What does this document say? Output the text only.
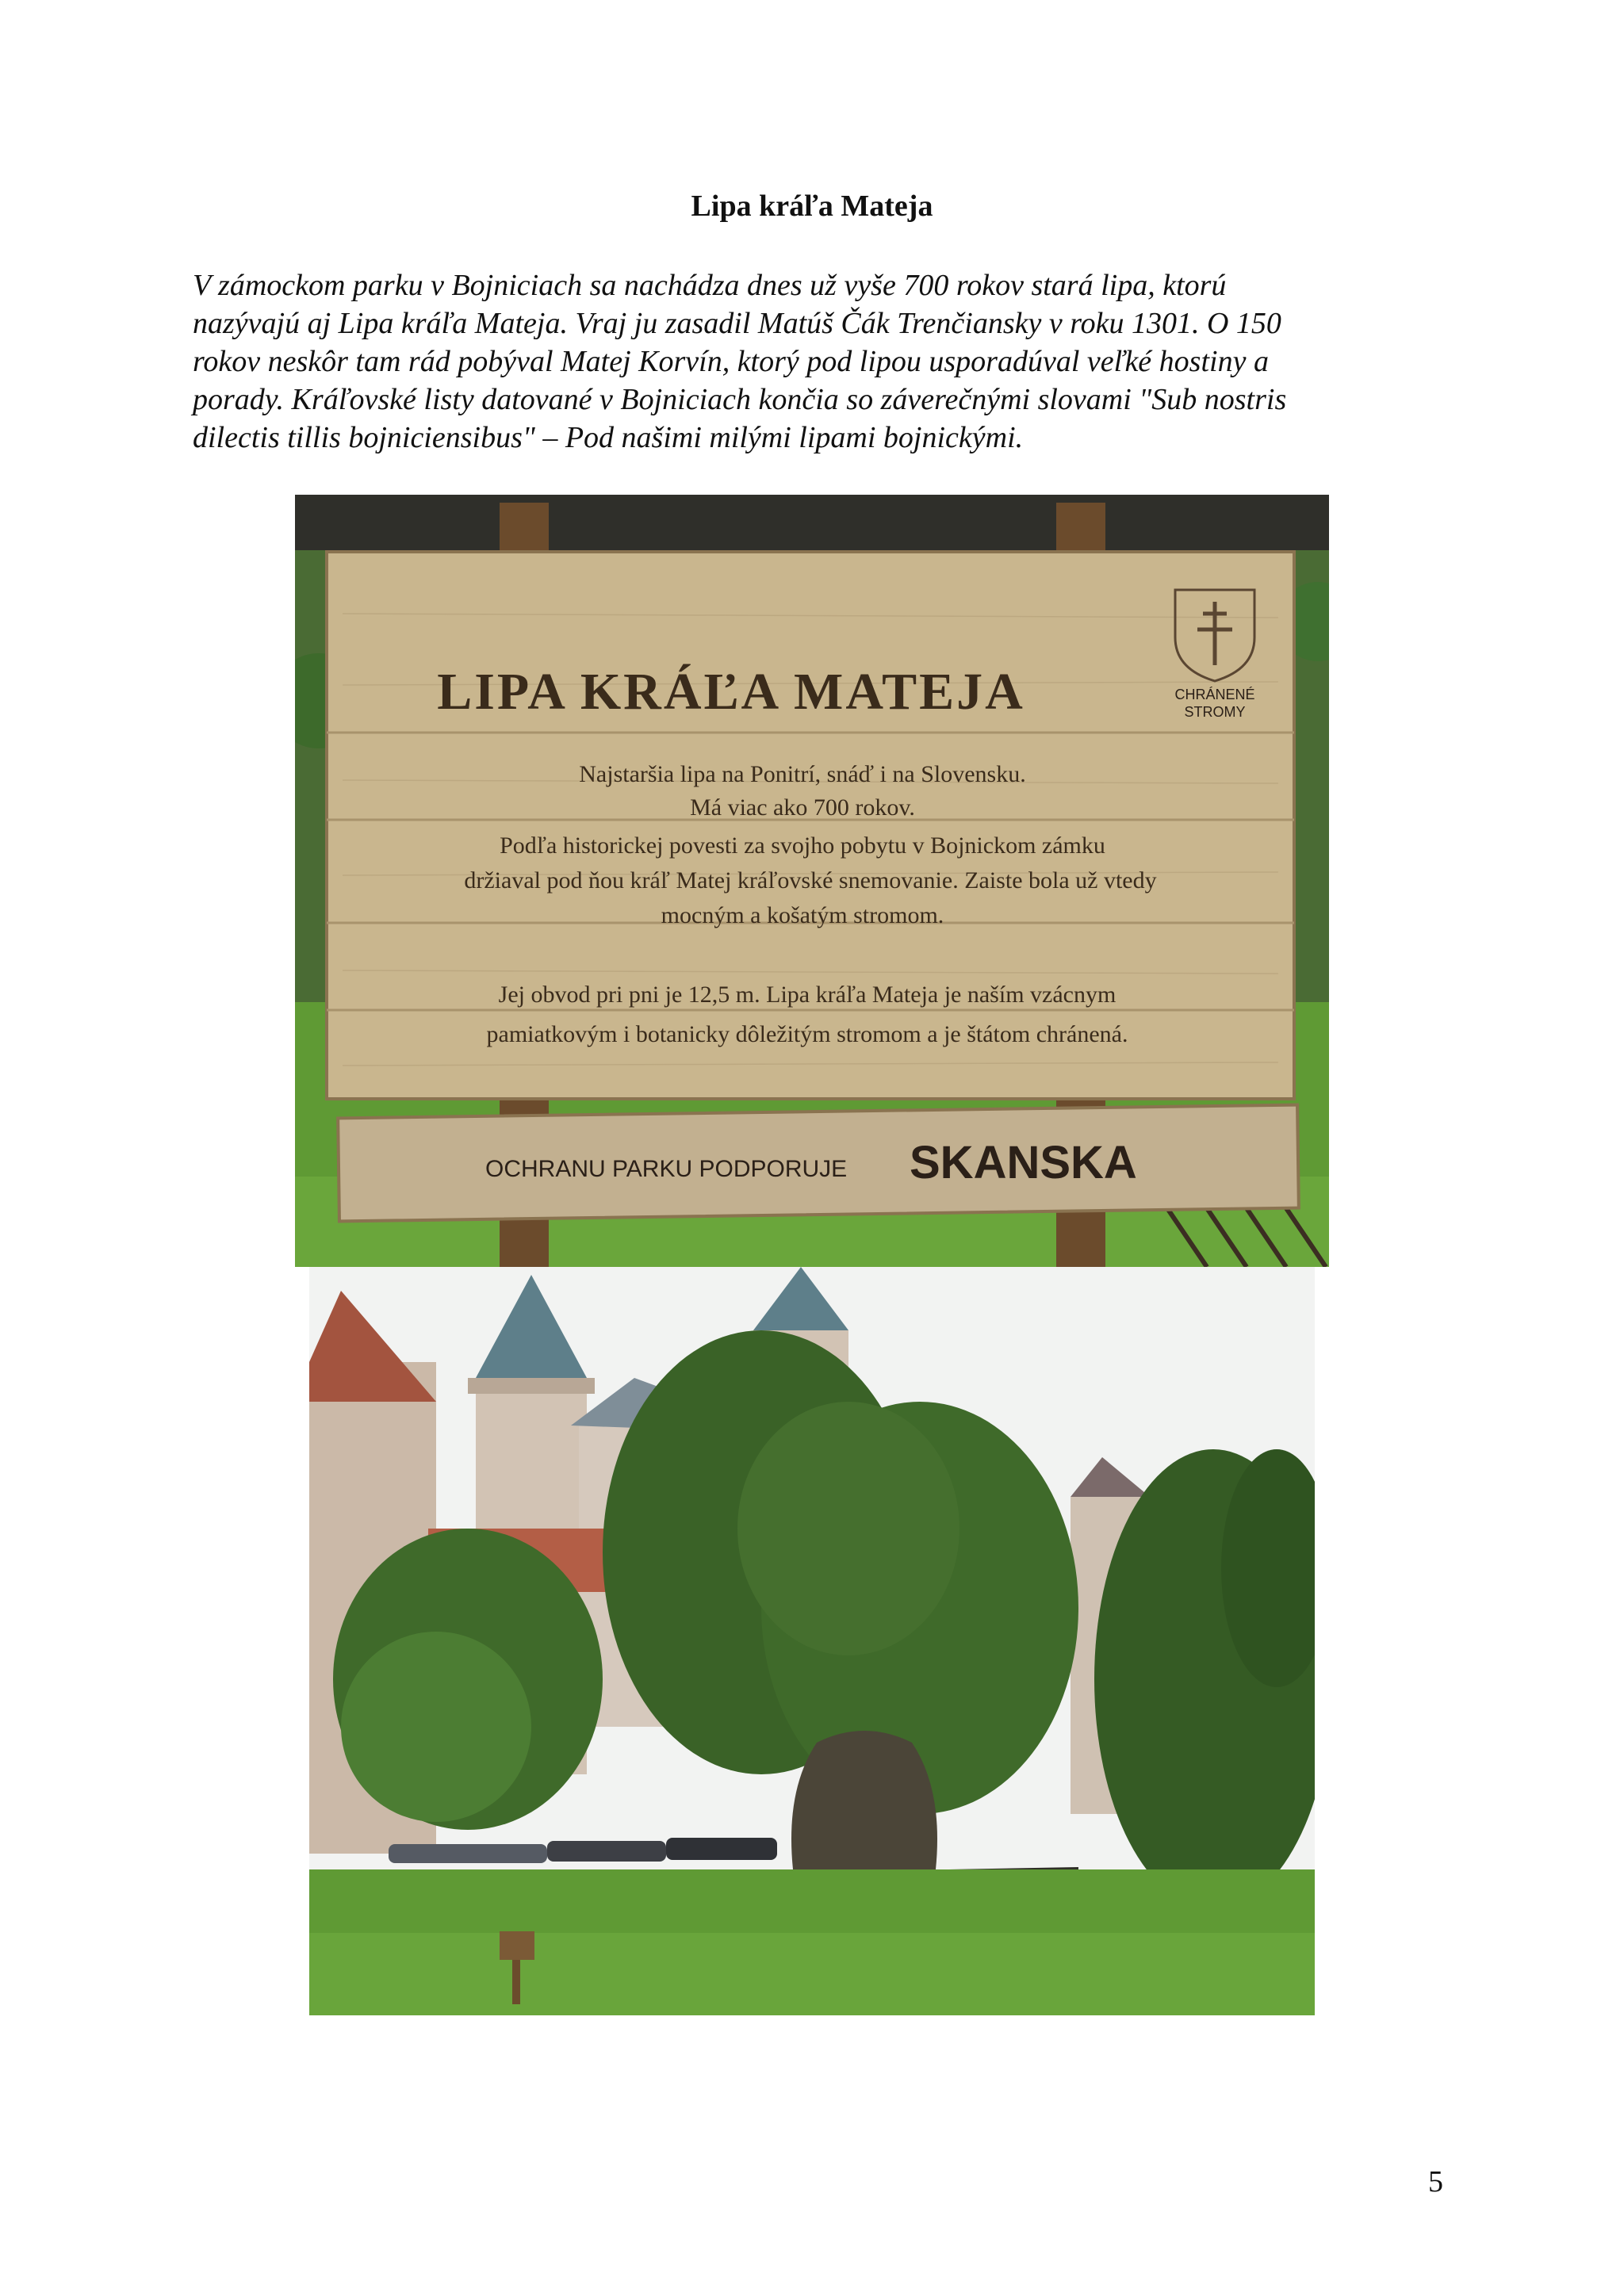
Lipa kráľa Mateja
V zámockom parku v Bojniciach sa nachádza dnes už vyše 700 rokov stará lipa, ktorú
nazývajú aj Lipa kráľa Mateja. Vraj ju zasadil Matúš Čák Trenčiansky v roku 1301. O 150
rokov neskôr tam rád pobýval Matej Korvín, ktorý pod lipou usporadúval veľké hostiny a
porady. Kráľovské listy datované v Bojniciach končia so záverečnými slovami "Sub nostris
dilectis tillis bojniciensibus" – Pod našimi milými lipami bojnickými.
CHRÁNENÉ
STROMY
LIPA KRÁĽA MATEJA
Najstaršia lipa na Ponitrí, snáď i na Slovensku.
Má viac ako 700 rokov.
Podľa historickej povesti za svojho pobytu v Bojnickom zámku
držiaval pod ňou kráľ Matej kráľovské snemovanie. Zaiste bola už vtedy
mocným a košatým stromom.
Jej obvod pri pni je 12,5 m. Lipa kráľa Mateja je naším vzácnym
pamiatkovým i botanicky dôležitým stromom a je štátom chránená.
OCHRANU PARKU PODPORUJE SKANSKA
5
